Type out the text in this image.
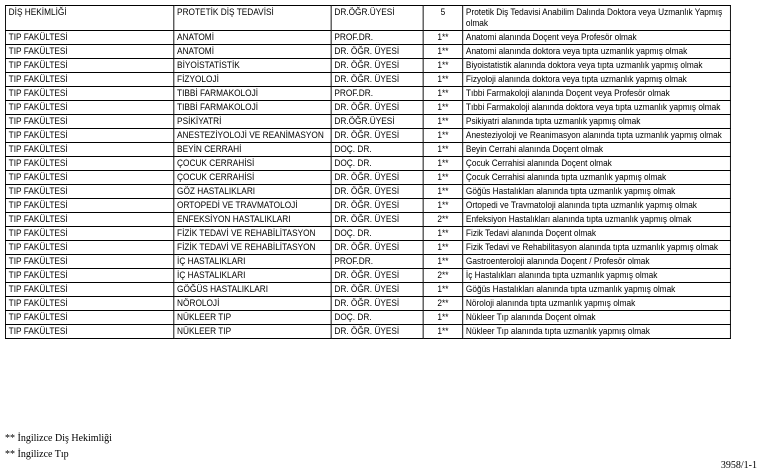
DİŞ HEKİMLİĞİ	PROTETİK DİŞ TEDAVİSİ	DR.ÖĞR.ÜYESİ	5	Protetik Diş Tedavisi Anabilim Dalında Doktora veya Uzmanlık Yapmış olmak
TIP FAKÜLTESİ	ANATOMİ	PROF.DR.	1**	Anatomi alanında Doçent veya Profesör olmak
TIP FAKÜLTESİ	ANATOMİ	DR. ÖĞR. ÜYESİ	1**	Anatomi alanında doktora veya tıpta uzmanlık yapmış olmak
TIP FAKÜLTESİ	BİYOİSTATİSTİK	DR. ÖĞR. ÜYESİ	1**	Biyoistatistik alanında doktora veya tıpta uzmanlık yapmış olmak
TIP FAKÜLTESİ	FİZYOLOJİ	DR. ÖĞR. ÜYESİ	1**	Fizyoloji alanında doktora veya tıpta uzmanlık yapmış olmak
TIP FAKÜLTESİ	TIBBİ FARMAKOLOJİ	PROF.DR.	1**	Tıbbi Farmakoloji alanında Doçent veya Profesör olmak
TIP FAKÜLTESİ	TIBBİ FARMAKOLOJİ	DR. ÖĞR. ÜYESİ	1**	Tıbbi Farmakoloji alanında doktora veya tıpta uzmanlık yapmış olmak
TIP FAKÜLTESİ	PSİKİYATRİ	DR.ÖĞR.ÜYESİ	1**	Psikiyatri alanında tıpta uzmanlık yapmış olmak
TIP FAKÜLTESİ	ANESTEZİYOLOJİ VE REANİMASYON	DR. ÖĞR. ÜYESİ	1**	Anesteziyoloji ve Reanimasyon alanında tıpta uzmanlık yapmış olmak
TIP FAKÜLTESİ	BEYİN CERRAHİ	DOÇ. DR.	1**	Beyin Cerrahi alanında Doçent olmak
TIP FAKÜLTESİ	ÇOCUK CERRAHİSİ	DOÇ. DR.	1**	Çocuk Cerrahisi alanında Doçent olmak
TIP FAKÜLTESİ	ÇOCUK CERRAHİSİ	DR. ÖĞR. ÜYESİ	1**	Çocuk Cerrahisi alanında tıpta uzmanlık yapmış olmak
TIP FAKÜLTESİ	GÖZ HASTALIKLARI	DR. ÖĞR. ÜYESİ	1**	Göğüs Hastalıkları alanında tıpta uzmanlık yapmış olmak
TIP FAKÜLTESİ	ORTOPEDİ VE TRAVMATOLOJİ	DR. ÖĞR. ÜYESİ	1**	Ortopedi ve Travmatoloji alanında tıpta uzmanlık yapmış olmak
TIP FAKÜLTESİ	ENFEKSİYON HASTALIKLARI	DR. ÖĞR. ÜYESİ	2**	Enfeksiyon Hastalıkları alanında tıpta uzmanlık yapmış olmak
TIP FAKÜLTESİ	FİZİK TEDAVİ VE REHABİLİTASYON	DOÇ. DR.	1**	Fizik Tedavi alanında Doçent olmak
TIP FAKÜLTESİ	FİZİK TEDAVİ VE REHABİLİTASYON	DR. ÖĞR. ÜYESİ	1**	Fizik Tedavi ve Rehabilitasyon alanında tıpta uzmanlık yapmış olmak
TIP FAKÜLTESİ	İÇ HASTALIKLARI	PROF.DR.	1**	Gastroenteroloji alanında Doçent / Profesör olmak
TIP FAKÜLTESİ	İÇ HASTALIKLARI	DR. ÖĞR. ÜYESİ	2**	İç Hastalıkları alanında tıpta uzmanlık yapmış olmak
TIP FAKÜLTESİ	GÖĞÜS HASTALIKLARI	DR. ÖĞR. ÜYESİ	1**	Göğüs Hastalıkları alanında tıpta uzmanlık yapmış olmak
TIP FAKÜLTESİ	NÖROLOJİ	DR. ÖĞR. ÜYESİ	2**	Nöroloji alanında tıpta uzmanlık yapmış olmak
TIP FAKÜLTESİ	NÜKLEER TIP	DOÇ. DR.	1**	Nükleer Tıp alanında Doçent olmak
TIP FAKÜLTESİ	NÜKLEER TIP	DR. ÖĞR. ÜYESİ	1**	Nükleer Tıp alanında tıpta uzmanlık yapmış olmak
** İngilizce Diş Hekimliği
** İngilizce Tıp
3958/1-1
